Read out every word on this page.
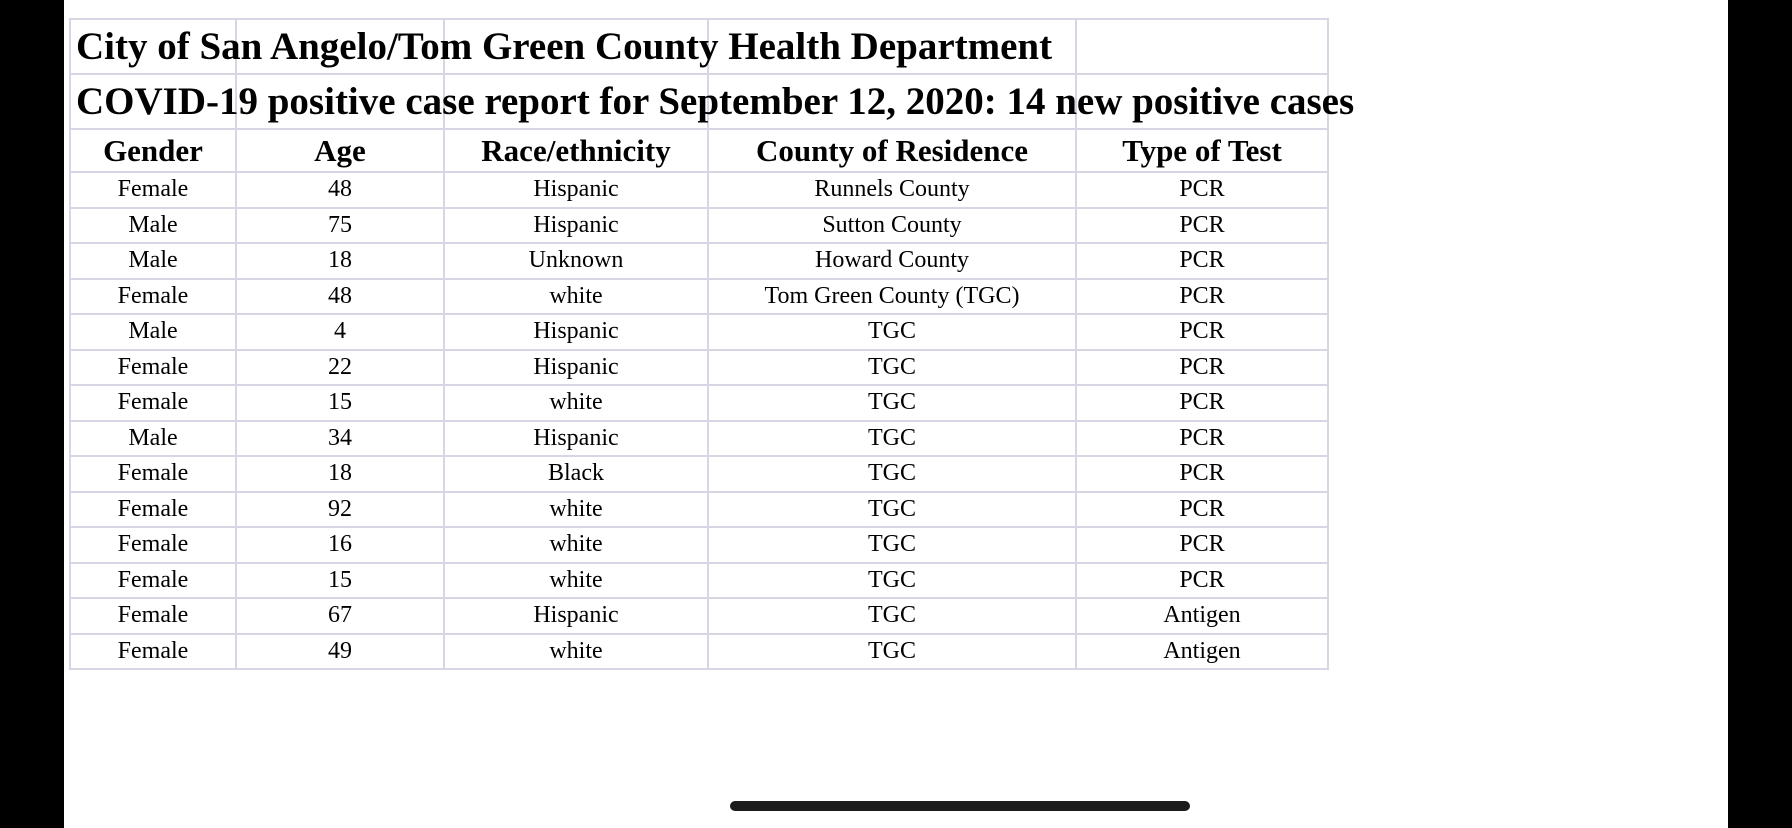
City of San Angelo/Tom Green County Health Department				

COVID-19 positive case report for September 12, 2020: 14 new positive cases				

Gender	Age	Race/ethnicity	County of Residence	Type of Test
Female	48	Hispanic	Runnels County	PCR
Male	75	Hispanic	Sutton County	PCR
Male	18	Unknown	Howard County	PCR
Female	48	white	Tom Green County (TGC)	PCR
Male	4	Hispanic	TGC	PCR
Female	22	Hispanic	TGC	PCR
Female	15	white	TGC	PCR
Male	34	Hispanic	TGC	PCR
Female	18	Black	TGC	PCR
Female	92	white	TGC	PCR
Female	16	white	TGC	PCR
Female	15	white	TGC	PCR
Female	67	Hispanic	TGC	Antigen
Female	49	white	TGC	Antigen
